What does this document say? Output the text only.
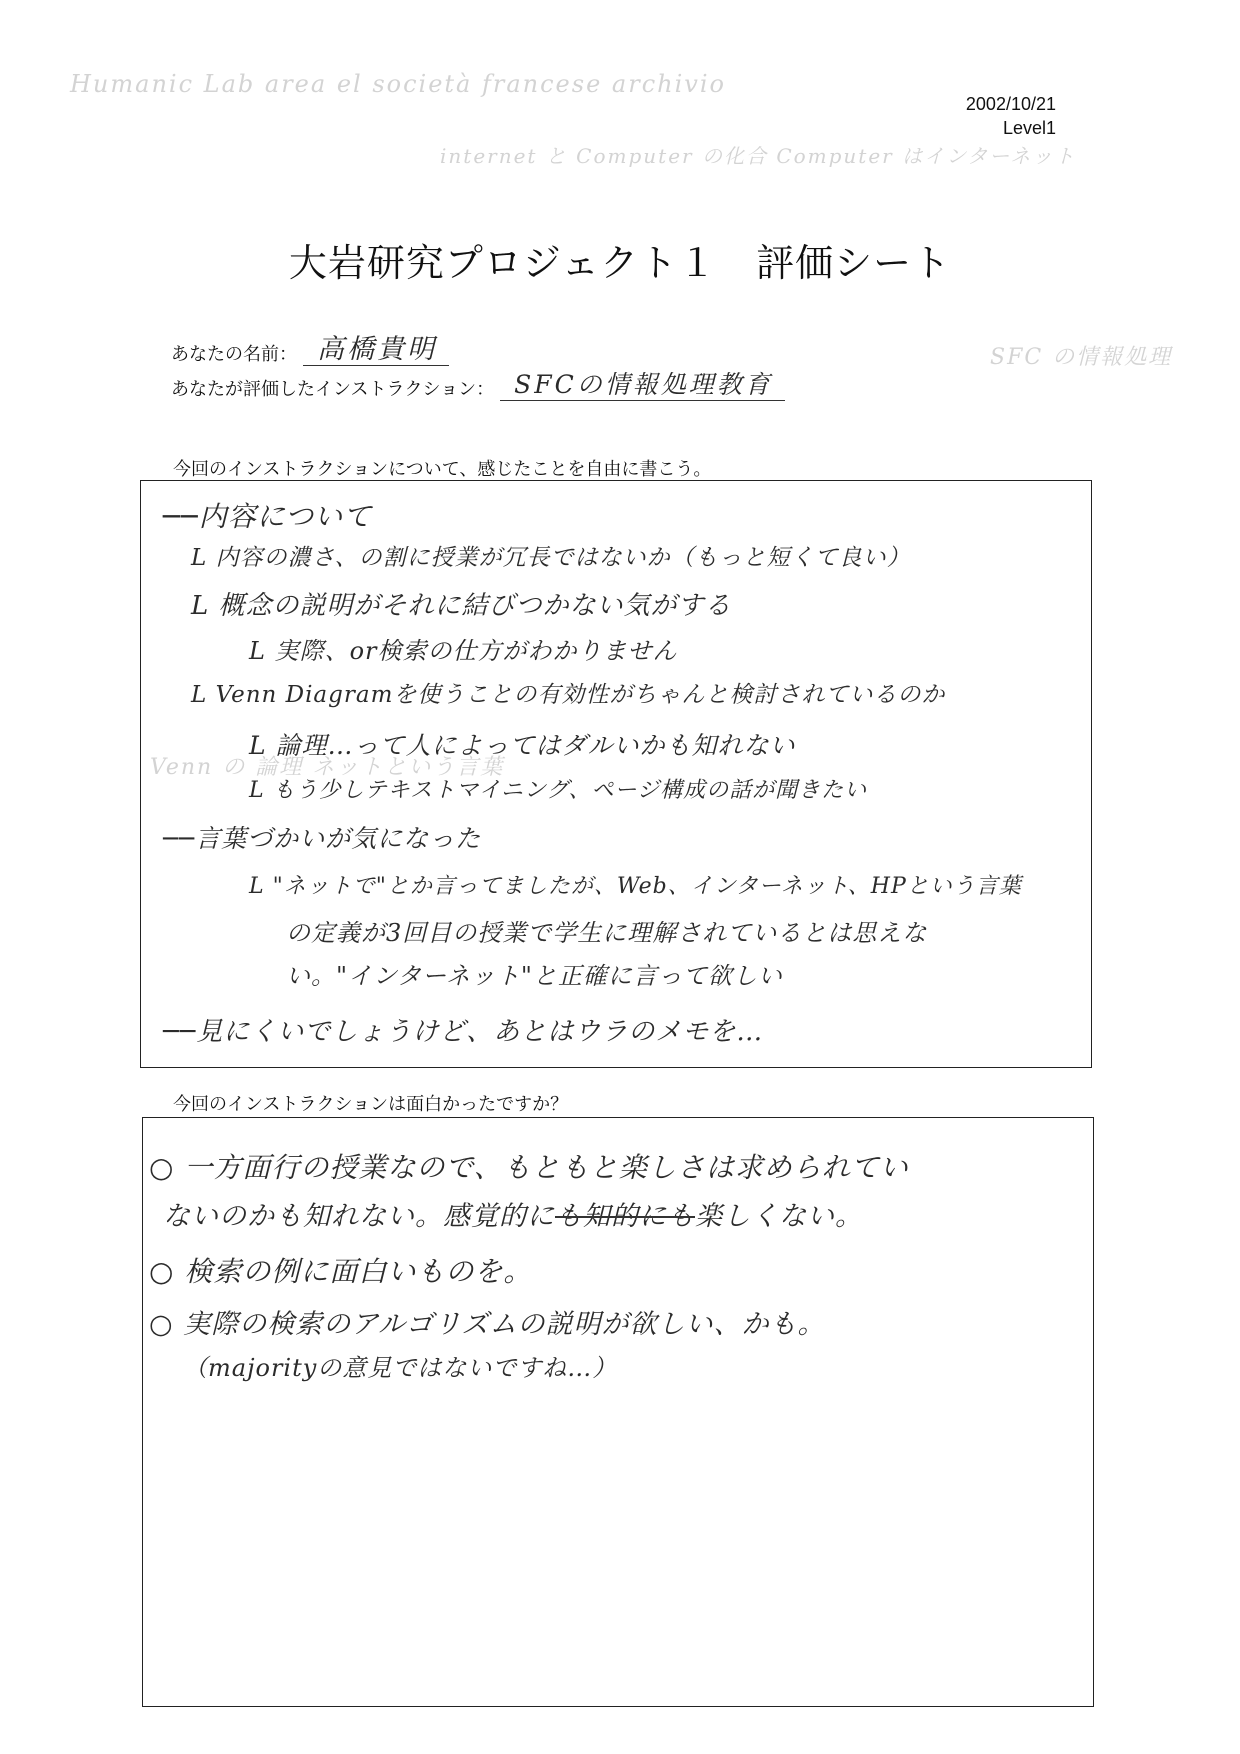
Humanic Lab area el società francese archivio
internet と Computer の化合 Computer はインターネット
SFC の情報処理
Venn の 論理 ネットという言葉
2002/10/21
Level1
大岩研究プロジェクト１　評価シート
あなたの名前： 高橋貴明
あなたが評価したインストラクション： SFCの情報処理教育
今回のインストラクションについて、感じたことを自由に書こう。
──内容について
L 内容の濃さ、の割に授業が冗長ではないか（もっと短くて良い）
L 概念の説明がそれに結びつかない気がする
L 実際、or検索の仕方がわかりません
L Venn Diagramを使うことの有効性がちゃんと検討されているのか
L 論理…って人によってはダルいかも知れない
L もう少しテキストマイニング、ページ構成の話が聞きたい
──言葉づかいが気になった
L "ネットで"とか言ってましたが、Web、インターネット、HPという言葉
の定義が3回目の授業で学生に理解されているとは思えな
い。"インターネット"と正確に言って欲しい
──見にくいでしょうけど、あとはウラのメモを…
今回のインストラクションは面白かったですか？
○ 一方面行の授業なので、もともと楽しさは求められてい
ないのかも知れない。感覚的にも知的にも楽しくない。
○ 検索の例に面白いものを。
○ 実際の検索のアルゴリズムの説明が欲しい、かも。
（majorityの意見ではないですね…）
